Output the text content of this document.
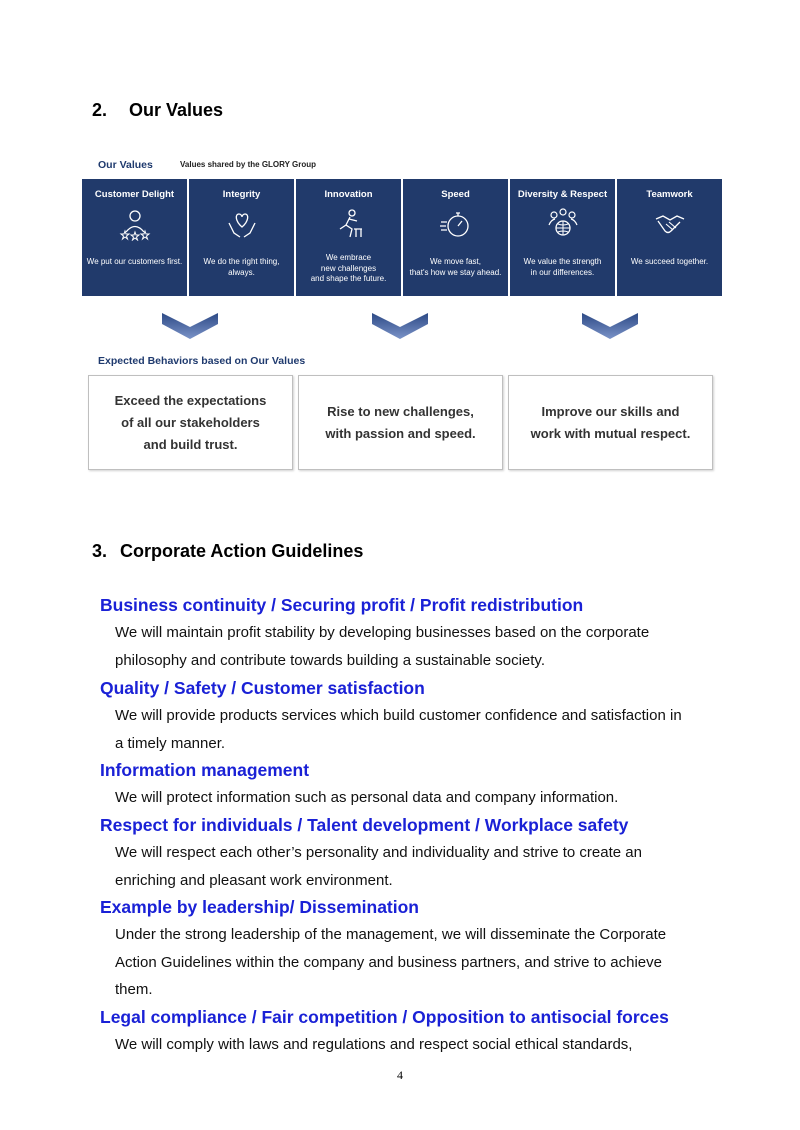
2. Our Values
Our Values	Values shared by the GLORY Group
Customer Delight
We put our customers first.
Integrity
We do the right thing,
always.
Innovation
We embrace
new challenges
and shape the future.
Speed
We move fast,
that's how we stay ahead.
Diversity & Respect
We value the strength
in our differences.
Teamwork
We succeed together.
Expected Behaviors based on Our Values
Exceed the expectations
of all our stakeholders
and build trust.
Rise to new challenges,
with passion and speed.
Improve our skills and
work with mutual respect.
3. Corporate Action Guidelines
Business continuity / Securing profit / Profit redistribution
We will maintain profit stability by developing businesses based on the corporate
philosophy and contribute towards building a sustainable society.
Quality / Safety / Customer satisfaction
We will provide products services which build customer confidence and satisfaction in
a timely manner.
Information management
We will protect information such as personal data and company information.
Respect for individuals / Talent development / Workplace safety
We will respect each other’s personality and individuality and strive to create an
enriching and pleasant work environment.
Example by leadership/ Dissemination
Under the strong leadership of the management, we will disseminate the Corporate
Action Guidelines within the company and business partners, and strive to achieve
them.
Legal compliance / Fair competition / Opposition to antisocial forces
We will comply with laws and regulations and respect social ethical standards,
4
